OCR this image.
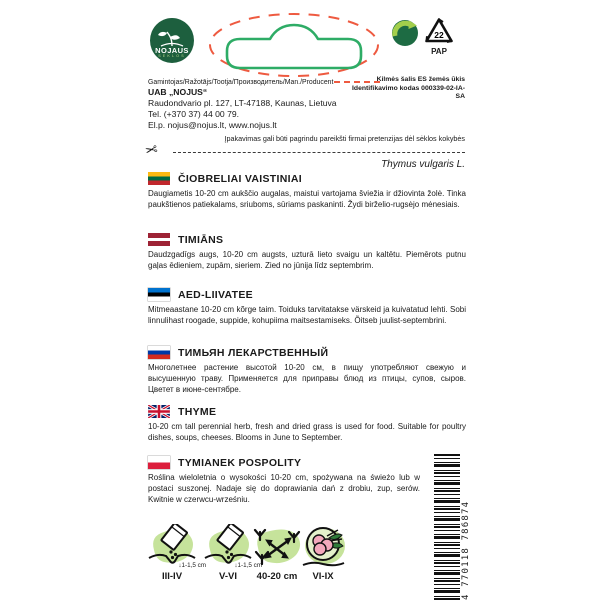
NOJAUS
SĖKLOS
22
PAP
Gamintojas/Ražotājs/Tootja/Производитель/Man./Producent
UAB „NOJUS“
Raudondvario pl. 127, LT-47188, Kaunas, Lietuva
Tel. (+370 37) 44 00 79.
El.p. nojus@nojus.lt, www.nojus.lt
Kilmės šalis ES žemės ūkis
Identifikavimo kodas 000339-02-IA-SA
Įpakavimas gali būti pagrindu pareikšti firmai pretenzijas dėl sėklos kokybės
✂
Thymus vulgaris L.
ČIOBRELIAI VAISTINIAI

Daugiametis 10-20 cm aukščio augalas, maistui vartojama šviežia ir džiovinta žolė. Tinka paukštienos patiekalams, sriuboms, sūriams paskaninti. Žydi birželio-rugsėjo mėnesiais.

TIMIĀNS

Daudzgadīgs augs, 10-20 cm augsts, uzturā lieto svaigu un kaltētu. Piemērots putnu gaļas ēdieniem, zupām, sieriem. Zied no jūnija līdz septembrim.

AED-LIIVATEE

Mitmeaastane 10-20 cm kõrge taim. Toiduks tarvitatakse värskeid ja kuivatatud lehti. Sobi linnulihast roogade, suppide, kohupiima maitsestamiseks. Õitseb juulist-septembrini.

ТИМЬЯН ЛЕКАРСТВЕННЫЙ

Многолетнее растение высотой 10-20 см, в пищу употребляют свежую и высушенную траву. Применяется для приправы блюд из птицы, супов, сыров. Цветет в июне-сентябре.

THYME

10-20 cm tall perennial herb, fresh and dried grass is used for food. Suitable for poultry dishes, soups, cheeses. Blooms in June to September.

TYMIANEK POSPOLITY

Roślina wieloletnia o wysokości 10-20 cm, spożywana na świeżo lub w postaci suszonej. Nadaje się do doprawiania dań z drobiu, zup, serów. Kwitnie w czerwcu-wrześniu.

4 770118 786874
↓1-1,5 cm
III-IV
↓1-1,5 cm
V-VI	40-20 cm	VI-IX
